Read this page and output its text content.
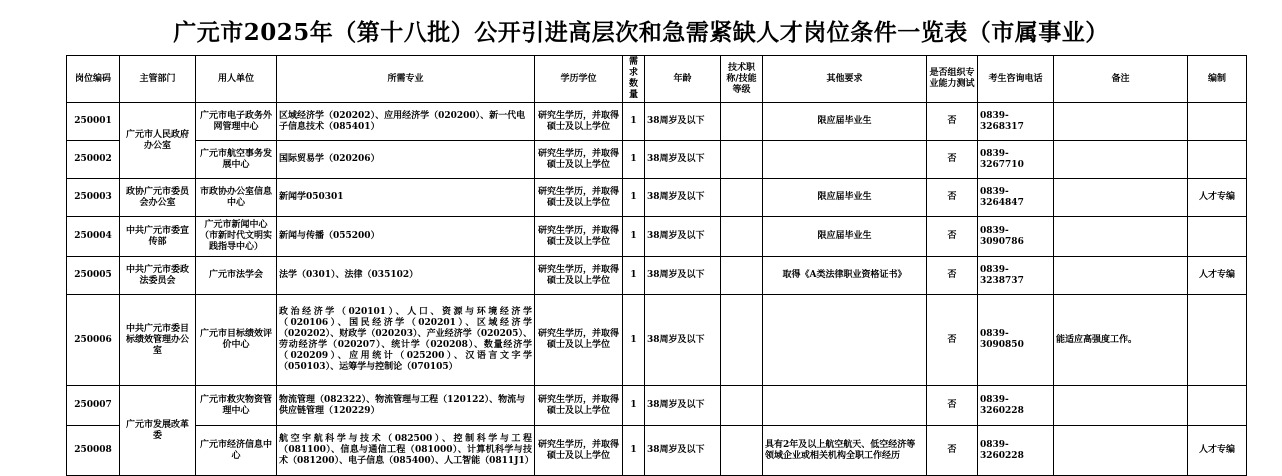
广元市2025年（第十八批）公开引进高层次和急需紧缺人才岗位条件一览表（市属事业）
岗位编码	主管部门	用人单位	所需专业	学历学位	需求数量	年龄	技术职称/技能等级	其他要求	是否组织专业能力测试	考生咨询电话	备注	编制
250001	广元市人民政府办公室	广元市电子政务外网管理中心	区域经济学（020202）、应用经济学（020200）、新一代电子信息技术（085401）	研究生学历，并取得硕士及以上学位	1	38周岁及以下		限应届毕业生	否	0839-3268317		
250002		广元市航空事务发展中心	国际贸易学（020206）	研究生学历，并取得硕士及以上学位	1	38周岁及以下			否	0839-3267710		
250003	政协广元市委员会办公室	市政协办公室信息中心	新闻学050301	研究生学历，并取得硕士及以上学位	1	38周岁及以下		限应届毕业生	否	0839-3264847		人才专编
250004	中共广元市委宣传部	广元市新闻中心（市新时代文明实践指导中心）	新闻与传播（055200）	研究生学历，并取得硕士及以上学位	1	38周岁及以下		限应届毕业生	否	0839-3090786		
250005	中共广元市委政法委员会	广元市法学会	法学（0301）、法律（035102）	研究生学历，并取得硕士及以上学位	1	38周岁及以下		取得《A类法律职业资格证书》	否	0839-3238737		人才专编
250006	中共广元市委目标绩效管理办公室	广元市目标绩效评价中心	政治经济学（020101）、人口、资源与环境经济学（020106）、国民经济学（020201）、区域经济学（020202）、财政学（020203）、产业经济学（020205）、劳动经济学（020207）、统计学（020208）、数量经济学（020209）、应用统计（025200）、汉语言文字学（050103）、运筹学与控制论（070105）	研究生学历，并取得硕士及以上学位	1	38周岁及以下			否	0839-3090850	能适应高强度工作。	
250007	广元市发展改革委	广元市救灾物资管理中心	物流管理（082322）、物流管理与工程（120122）、物流与供应链管理（120229）	研究生学历，并取得硕士及以上学位	1	38周岁及以下			否	0839-3260228		
250008		广元市经济信息中心	航空宇航科学与技术（082500）、控制科学与工程（081100）、信息与通信工程（081000）、计算机科学与技术（081200）、电子信息（085400）、人工智能（0811J1）	研究生学历，并取得硕士及以上学位	1	38周岁及以下		具有2年及以上航空航天、低空经济等领域企业或相关机构全职工作经历	否	0839-3260228		人才专编
